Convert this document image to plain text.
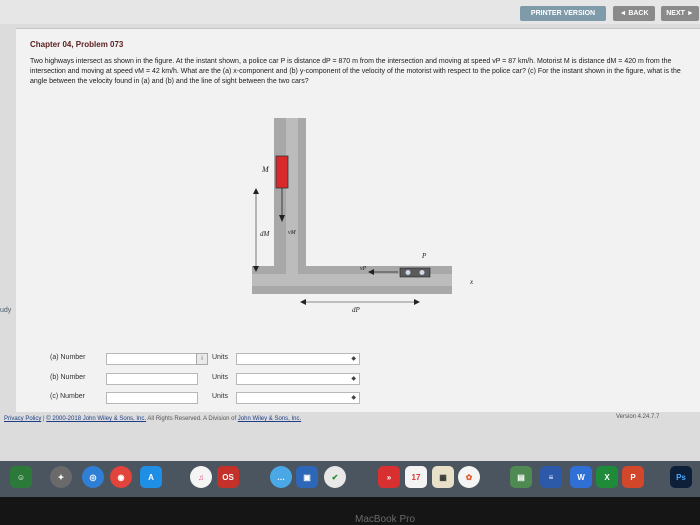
PRINTER VERSION	◄ BACK	NEXT ►
Chapter 04, Problem 073
Two highways intersect as shown in the figure. At the instant shown, a police car P is distance dP = 870 m from the intersection and moving at speed vP = 87 km/h. Motorist M is distance dM = 420 m from the intersection and moving at speed vM = 42 km/h. What are the (a) x-component and (b) y-component of the velocity of the motorist with respect to the police car? (c) For the instant shown in the figure, what is the angle between the velocity found in (a) and (b) and the line of sight between the two cars?
udy
M
vM
dM
P
vP
dP
x
(a) Number	i	Units	◆
(b) Number	Units	◆
(c) Number	Units	◆
Privacy Policy | © 2000-2018 John Wiley & Sons, Inc. All Rights Reserved. A Division of John Wiley & Sons, Inc.	Version 4.24.7.7
☺	✦	◎	◉	A	♫	OS	…	▣	✔	»	17	▦	✿	▤	≡	W	X	P	Ps
MacBook Pro
